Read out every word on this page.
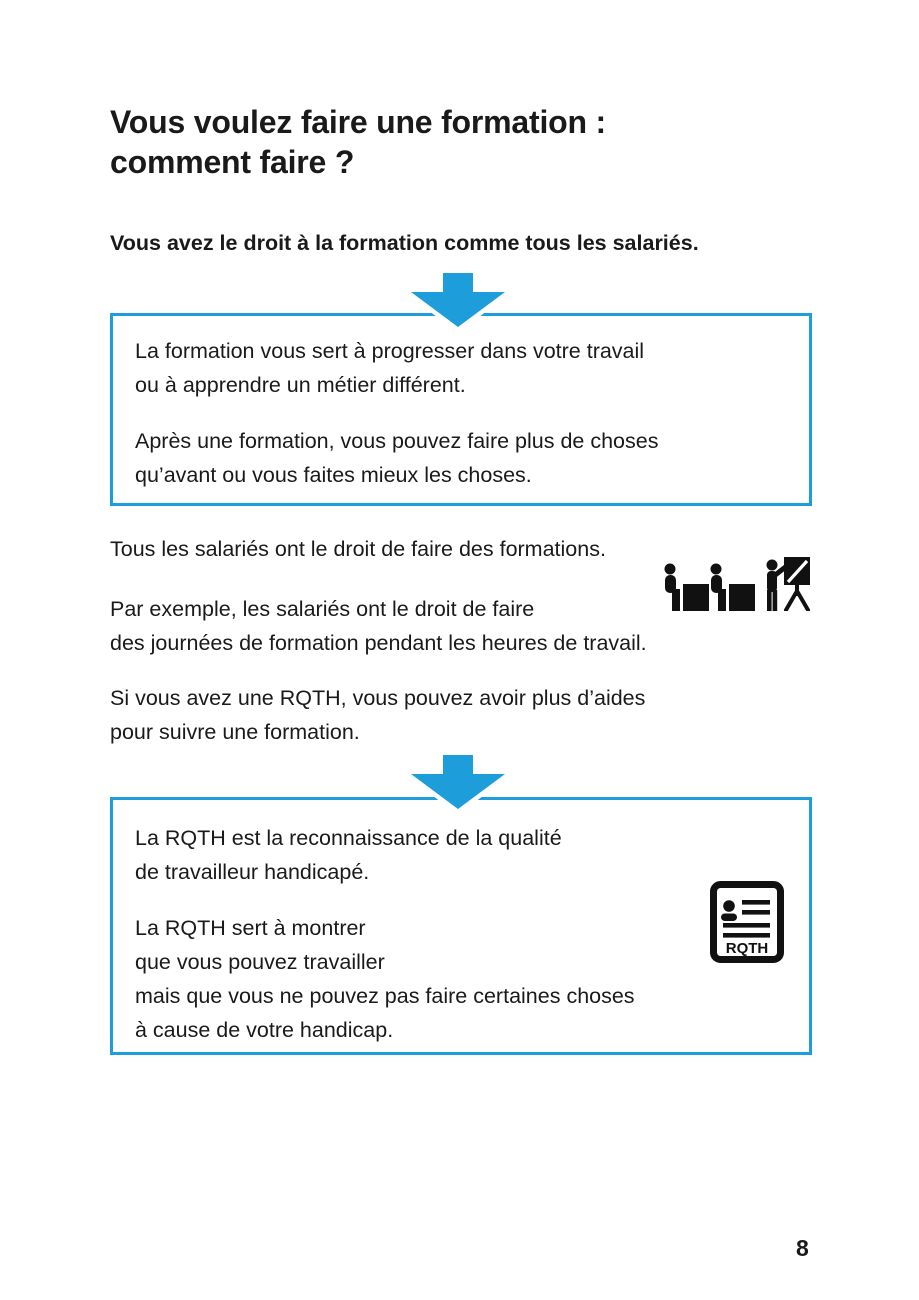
Vous voulez faire une formation :
comment faire ?
Vous avez le droit à la formation comme tous les salariés.

La formation vous sert à progresser dans votre travail
ou à apprendre un métier différent.

Après une formation, vous pouvez faire plus de choses
qu’avant ou vous faites mieux les choses.

Tous les salariés ont le droit de faire des formations.
Par exemple, les salariés ont le droit de faire
des journées de formation pendant les heures de travail.
Si vous avez une RQTH, vous pouvez avoir plus d’aides
pour suivre une formation.

La RQTH est la reconnaissance de la qualité
de travailleur handicapé.

La RQTH sert à montrer
que vous pouvez travailler
mais que vous ne pouvez pas faire certaines choses
à cause de votre handicap.

RQTH
8
